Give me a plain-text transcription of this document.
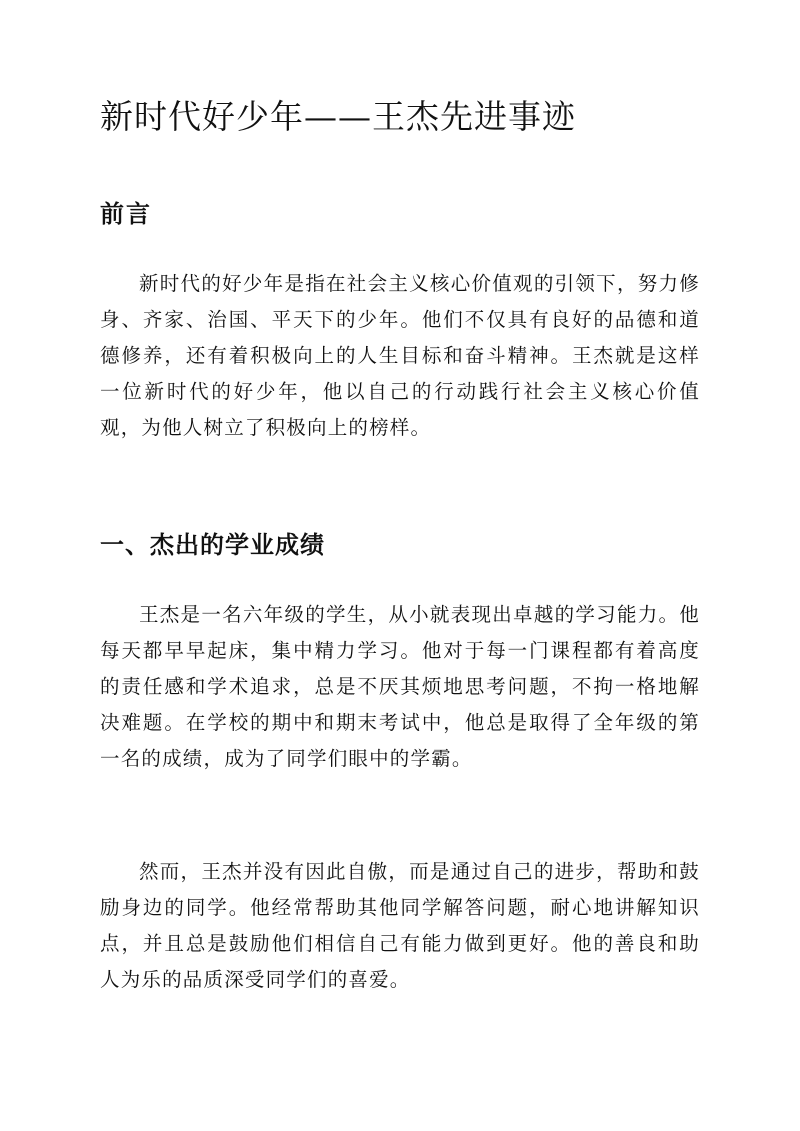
新时代好少年——王杰先进事迹
前言

新时代的好少年是指在社会主义核心价值观的引领下，努力修身、齐家、治国、平天下的少年。他们不仅具有良好的品德和道德修养，还有着积极向上的人生目标和奋斗精神。王杰就是这样一位新时代的好少年，他以自己的行动践行社会主义核心价值观，为他人树立了积极向上的榜样。

一、杰出的学业成绩

王杰是一名六年级的学生，从小就表现出卓越的学习能力。他每天都早早起床，集中精力学习。他对于每一门课程都有着高度的责任感和学术追求，总是不厌其烦地思考问题，不拘一格地解决难题。在学校的期中和期末考试中，他总是取得了全年级的第一名的成绩，成为了同学们眼中的学霸。

然而，王杰并没有因此自傲，而是通过自己的进步，帮助和鼓励身边的同学。他经常帮助其他同学解答问题，耐心地讲解知识点，并且总是鼓励他们相信自己有能力做到更好。他的善良和助人为乐的品质深受同学们的喜爱。
